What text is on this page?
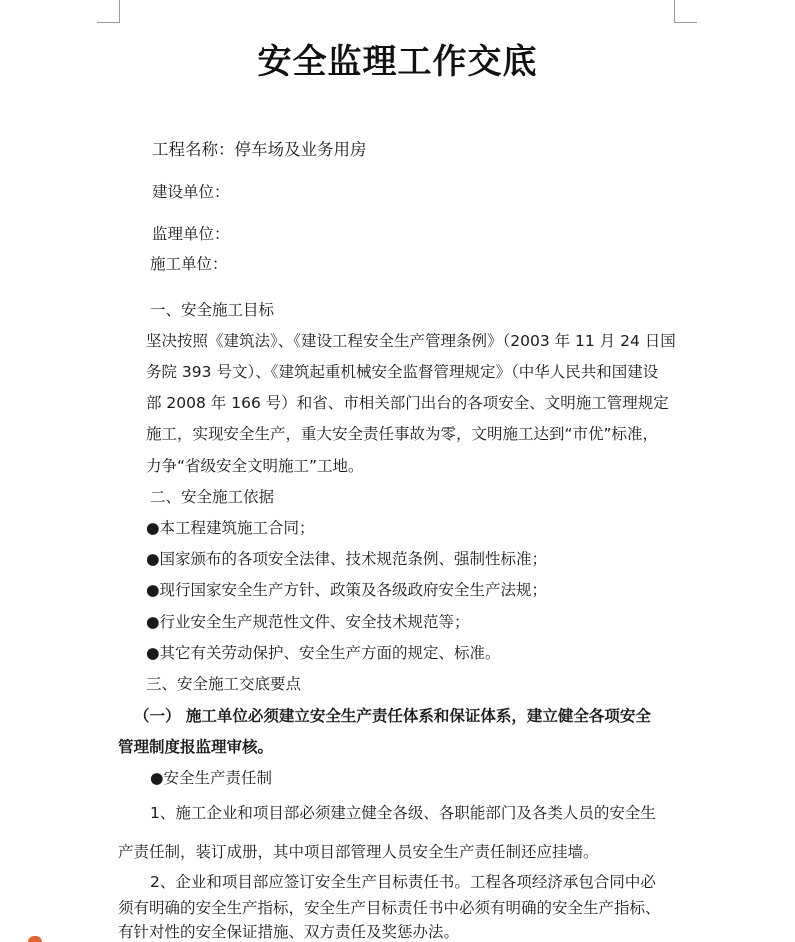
安全监理工作交底
工程名称：停车场及业务用房
建设单位：
监理单位：
施工单位：
一、安全施工目标
坚决按照《建筑法》、《建设工程安全生产管理条例》（2003 年 11 月 24 日国
务院 393 号文）、《建筑起重机械安全监督管理规定》（中华人民共和国建设
部 2008 年 166 号）和省、市相关部门出台的各项安全、文明施工管理规定
施工，实现安全生产，重大安全责任事故为零，文明施工达到“市优”标准，
力争“省级安全文明施工”工地。
二、安全施工依据
●本工程建筑施工合同；
●国家颁布的各项安全法律、技术规范条例、强制性标准；
●现行国家安全生产方针、政策及各级政府安全生产法规；
●行业安全生产规范性文件、安全技术规范等；
●其它有关劳动保护、安全生产方面的规定、标准。
三、安全施工交底要点
（一） 施工单位必须建立安全生产责任体系和保证体系，建立健全各项安全
管理制度报监理审核。
●安全生产责任制
1、施工企业和项目部必须建立健全各级、各职能部门及各类人员的安全生
产责任制，装订成册，其中项目部管理人员安全生产责任制还应挂墙。
2、企业和项目部应签订安全生产目标责任书。工程各项经济承包合同中必
须有明确的安全生产指标，安全生产目标责任书中必须有明确的安全生产指标、
有针对性的安全保证措施、双方责任及奖惩办法。
